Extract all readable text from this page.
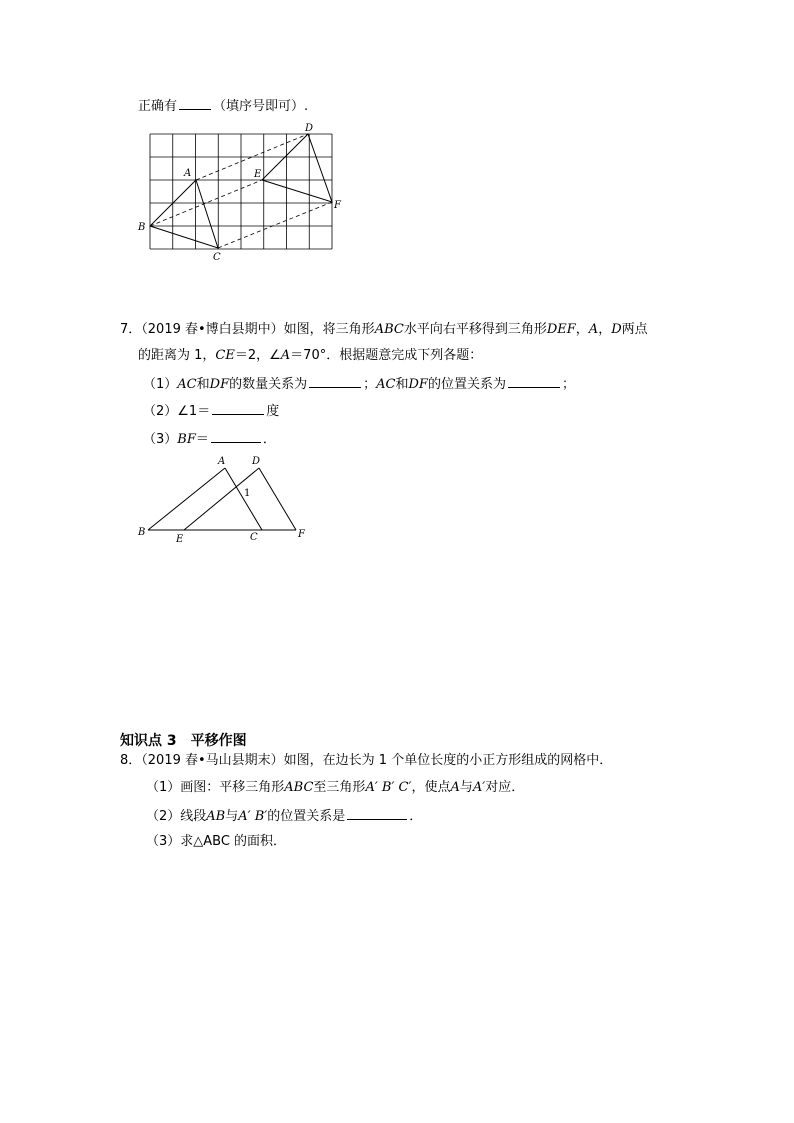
正确有	（填序号即可）.
A
B
C
D
E
F
7．（2019 春•博白县期中）如图，将三角形ABC水平向右平移得到三角形DEF，A，D两点
的距离为 1，CE＝2，∠A＝70°．根据题意完成下列各题：
（1）AC和DF的数量关系为	；AC和DF的位置关系为	；
（2）∠1＝	度
（3）BF＝	．
A	D
1
B
E	C	F
知识点 3　平移作图
8．（2019 春•马山县期末）如图，在边长为 1 个单位长度的小正方形组成的网格中．
（1）画图：平移三角形ABC至三角形A′ B′ C′，使点A与A′对应．
（2）线段AB与A′ B′的位置关系是	．
（3）求△ABC 的面积．
